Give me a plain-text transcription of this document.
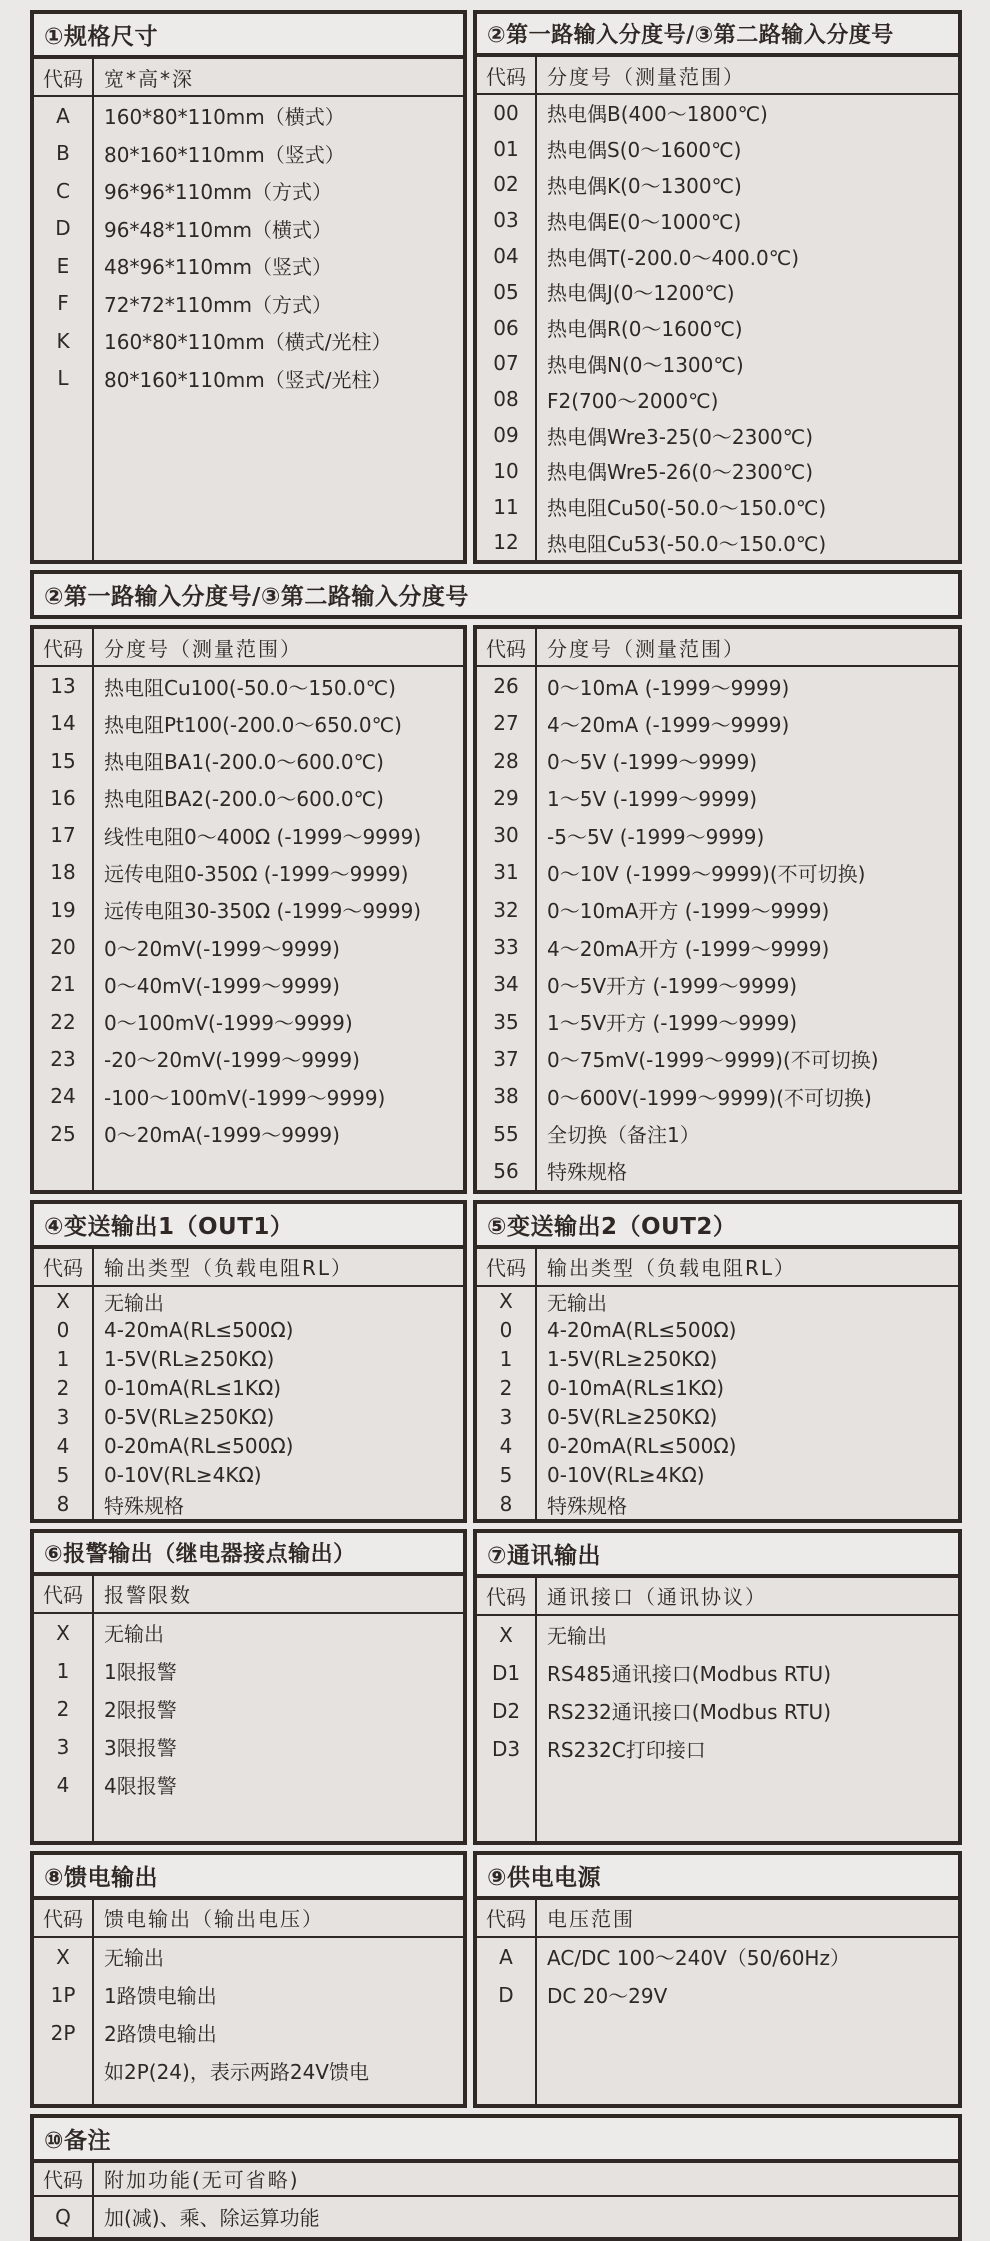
①规格尺寸
代码	宽*高*深
A	160*80*110mm（横式）
B	80*160*110mm（竖式）
C	96*96*110mm（方式）
D	96*48*110mm（横式）
E	48*96*110mm（竖式）
F	72*72*110mm（方式）
K	160*80*110mm（横式/光柱）
L	80*160*110mm（竖式/光柱）
②第一路输入分度号/③第二路输入分度号
代码	分度号（测量范围）
00	热电偶B(400～1800℃)
01	热电偶S(0～1600℃)
02	热电偶K(0～1300℃)
03	热电偶E(0～1000℃)
04	热电偶T(-200.0～400.0℃)
05	热电偶J(0～1200℃)
06	热电偶R(0～1600℃)
07	热电偶N(0～1300℃)
08	F2(700～2000℃)
09	热电偶Wre3-25(0～2300℃)
10	热电偶Wre5-26(0～2300℃)
11	热电阻Cu50(-50.0～150.0℃)
12	热电阻Cu53(-50.0～150.0℃)
②第一路输入分度号/③第二路输入分度号
代码	分度号（测量范围）
13	热电阻Cu100(-50.0～150.0℃)
14	热电阻Pt100(-200.0～650.0℃)
15	热电阻BA1(-200.0～600.0℃)
16	热电阻BA2(-200.0～600.0℃)
17	线性电阻0～400Ω (-1999～9999)
18	远传电阻0-350Ω (-1999～9999)
19	远传电阻30-350Ω (-1999～9999)
20	0～20mV(-1999～9999)
21	0～40mV(-1999～9999)
22	0～100mV(-1999～9999)
23	-20～20mV(-1999～9999)
24	-100～100mV(-1999～9999)
25	0～20mA(-1999～9999)
代码	分度号（测量范围）
26	0～10mA (-1999～9999)
27	4～20mA (-1999～9999)
28	0～5V (-1999～9999)
29	1～5V (-1999～9999)
30	-5～5V (-1999～9999)
31	0～10V (-1999～9999)(不可切换)
32	0～10mA开方 (-1999～9999)
33	4～20mA开方 (-1999～9999)
34	0～5V开方 (-1999～9999)
35	1～5V开方 (-1999～9999)
37	0～75mV(-1999～9999)(不可切换)
38	0～600V(-1999～9999)(不可切换)
55	全切换（备注1）
56	特殊规格
④变送输出1（OUT1）
代码	输出类型（负载电阻RL）
X	无输出
0	4-20mA(RL≤500Ω)
1	1-5V(RL≥250KΩ)
2	0-10mA(RL≤1KΩ)
3	0-5V(RL≥250KΩ)
4	0-20mA(RL≤500Ω)
5	0-10V(RL≥4KΩ)
8	特殊规格
⑤变送输出2（OUT2）
代码	输出类型（负载电阻RL）
X	无输出
0	4-20mA(RL≤500Ω)
1	1-5V(RL≥250KΩ)
2	0-10mA(RL≤1KΩ)
3	0-5V(RL≥250KΩ)
4	0-20mA(RL≤500Ω)
5	0-10V(RL≥4KΩ)
8	特殊规格
⑥报警输出（继电器接点输出）
代码	报警限数
X	无输出
1	1限报警
2	2限报警
3	3限报警
4	4限报警
⑦通讯输出
代码	通讯接口（通讯协议）
X	无输出
D1	RS485通讯接口(Modbus RTU)
D2	RS232通讯接口(Modbus RTU)
D3	RS232C打印接口
⑧馈电输出
代码	馈电输出（输出电压）
X	无输出
1P	1路馈电输出
2P	2路馈电输出
如2P(24)，表示两路24V馈电
⑨供电电源
代码	电压范围
A	AC/DC 100～240V（50/60Hz）
D	DC 20～29V
⑩备注
代码	附加功能(无可省略)
Q	加(减)、乘、除运算功能
